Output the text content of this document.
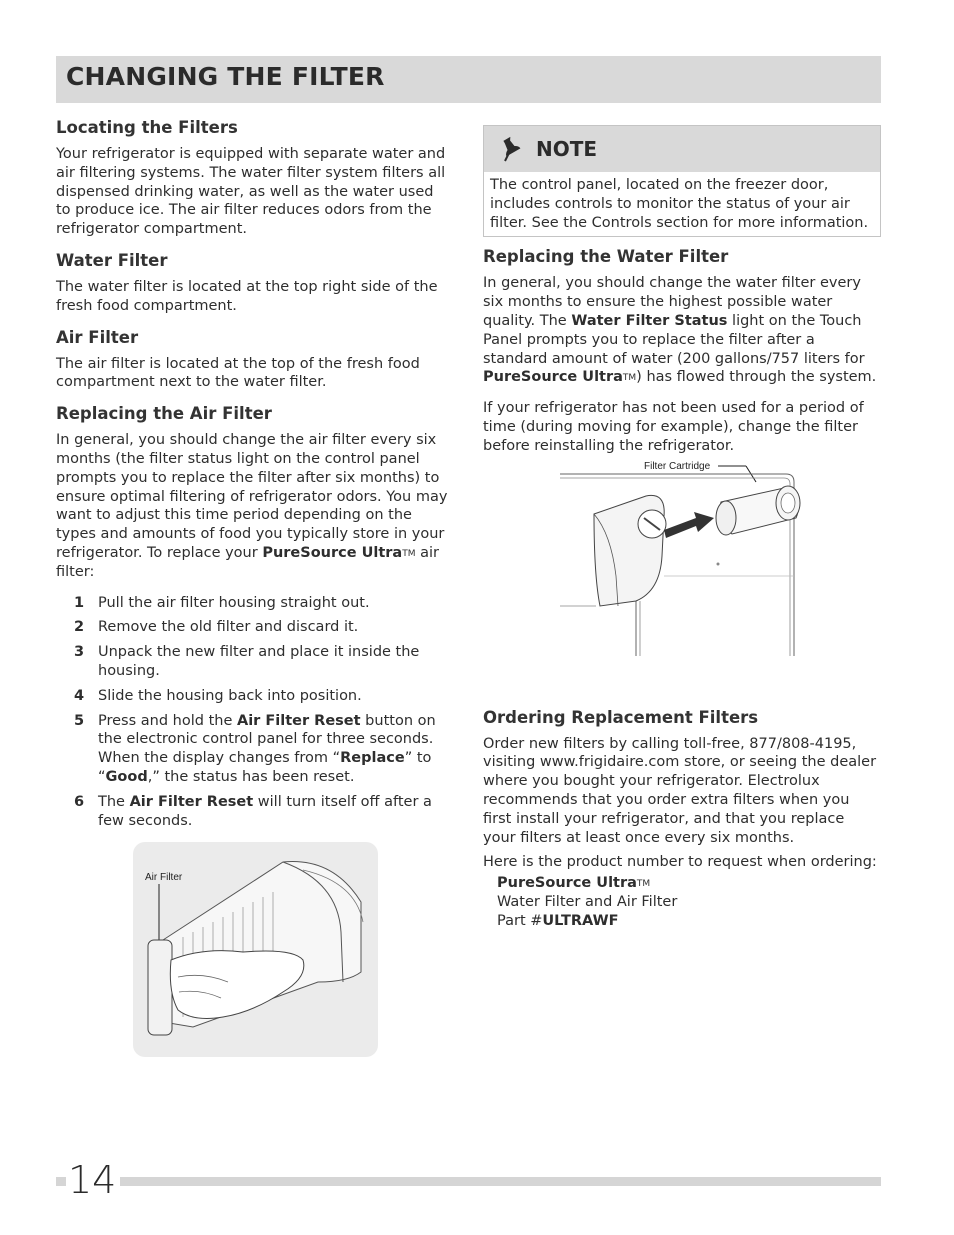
CHANGING THE FILTER
Locating the Filters

Your refrigerator is equipped with separate water and air filtering systems. The water filter system filters all dispensed drinking water, as well as the water used to produce ice. The air filter reduces odors from the refrigerator compartment.

Water Filter

The water filter is located at the top right side of the fresh food compartment.

Air Filter

The air filter is located at the top of the fresh food compartment next to the water filter.

Replacing the Air Filter

In general, you should change the air filter every six months (the filter status light on the control panel prompts you to replace the filter after six months) to ensure optimal filtering of refrigerator odors. You may want to adjust this time period depending on the types and amounts of food you typically store in your refrigerator. To replace your PureSource Ultra™ air filter:

1 Pull the air filter housing straight out.
2 Remove the old filter and discard it.
3 Unpack the new filter and place it inside the housing.
4 Slide the housing back into position.
5 Press and hold the Air Filter Reset button on the electronic control panel for three seconds. When the display changes from “Replace” to “Good,” the status has been reset.
6 The Air Filter Reset will turn itself off after a few seconds.
Air Filter
NOTE
The control panel, located on the freezer door, includes controls to monitor the status of your air filter. See the Controls section for more information.
Replacing the Water Filter

In general, you should change the water filter every six months to ensure the highest possible water quality. The Water Filter Status light on the Touch Panel prompts you to replace the filter after a standard amount of water (200 gallons/757 liters for PureSource Ultra™) has flowed through the system.

If your refrigerator has not been used for a period of time (during moving for example), change the filter before reinstalling the refrigerator.

Ordering Replacement Filters

Order new filters by calling toll-free, 877/808-4195, visiting www.frigidaire.com store, or seeing the dealer where you bought your refrigerator. Electrolux recommends that you order extra filters when you first install your refrigerator, and that you replace your filters at least once every six months.

Here is the product number to request when ordering:

PureSource Ultra™
Water Filter and Air Filter
Part #ULTRAWF
Filter Cartridge
14
